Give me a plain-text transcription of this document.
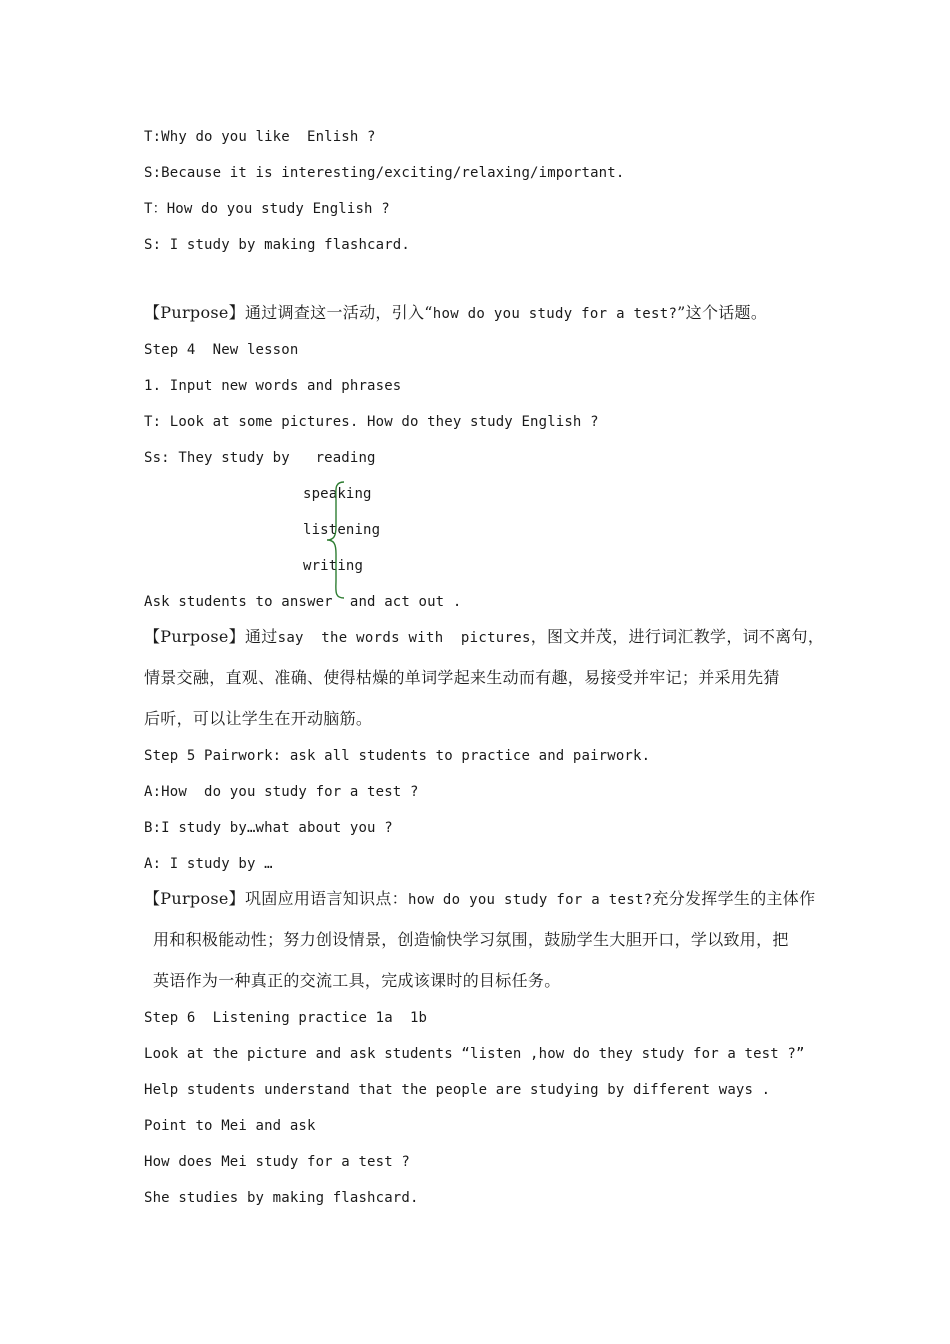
T:Why do you like  Enlish ?
S:Because it is interesting/exciting/relaxing/important.
T：How do you study English ?
S: I study by making flashcard.
【Purpose】通过调查这一活动，引入“how do you study for a test?”这个话题。
Step 4  New lesson
1. Input new words and phrases
T: Look at some pictures. How do they study English ?
Ss: They study by   reading
speaking
listening
writing
Ask students to answer  and act out .
【Purpose】通过say  the words with  pictures，图文并茂，进行词汇教学，词不离句，
情景交融，直观、准确、使得枯燥的单词学起来生动而有趣，易接受并牢记；并采用先猜
后听，可以让学生在开动脑筋。
Step 5 Pairwork: ask all students to practice and pairwork.
A:How  do you study for a test ?
B:I study by…what about you ?
A: I study by …
【Purpose】巩固应用语言知识点：how do you study for a test?充分发挥学生的主体作
用和积极能动性；努力创设情景，创造愉快学习氛围，鼓励学生大胆开口，学以致用，把
英语作为一种真正的交流工具，完成该课时的目标任务。
Step 6  Listening practice 1a  1b
Look at the picture and ask students “listen ,how do they study for a test ?”
Help students understand that the people are studying by different ways .
Point to Mei and ask
How does Mei study for a test ?
She studies by making flashcard.
